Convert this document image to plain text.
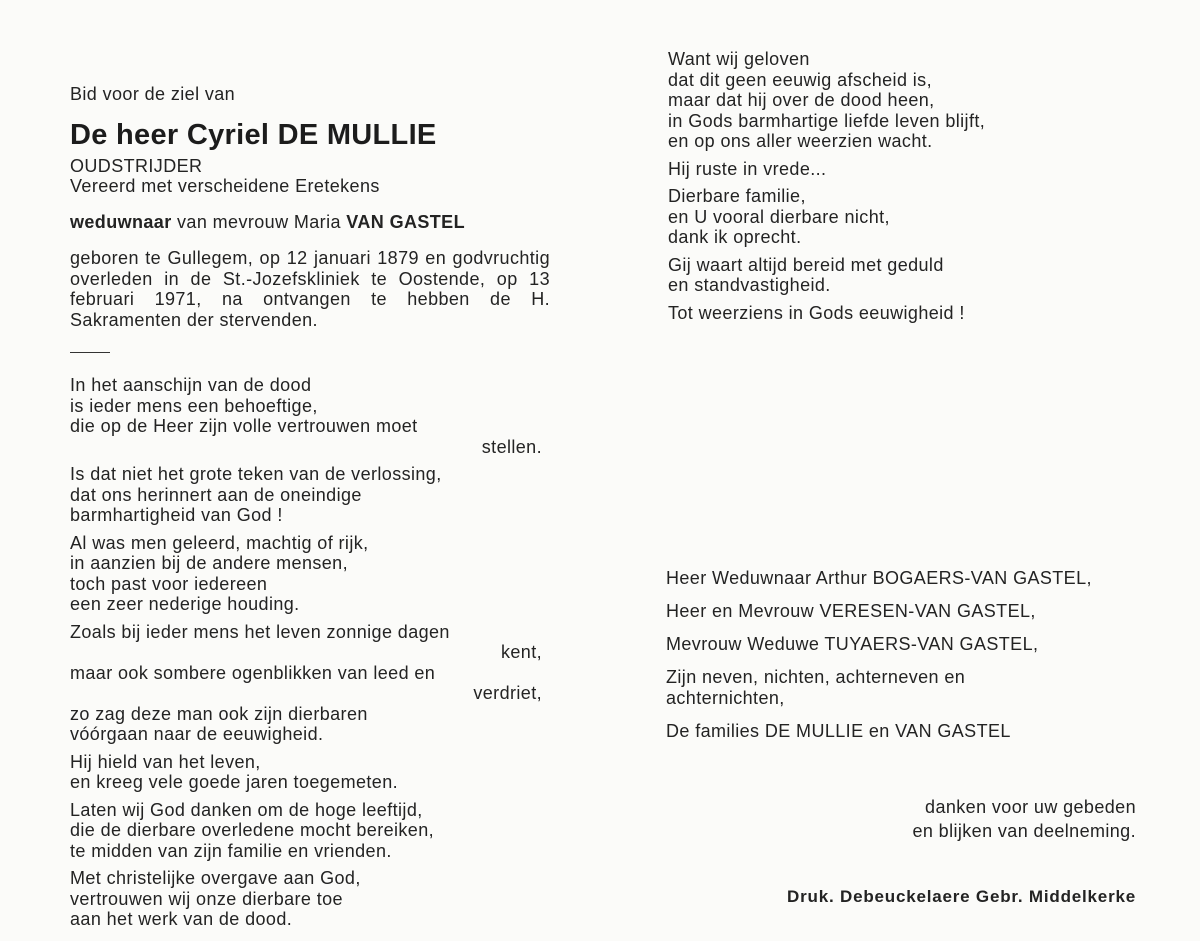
Bid voor de ziel van

De heer Cyriel DE MULLIE

OUDSTRIJDER

Vereerd met verscheidene Eretekens

weduwnaar van mevrouw Maria VAN GASTEL

geboren te Gullegem, op 12 januari 1879 en godvruchtig overleden in de St.-Jozefskliniek te Oostende, op 13 februari 1971, na ontvangen te hebben de H. Sakramenten der stervenden.

In het aanschijn van de dood
is ieder mens een behoeftige,
die op de Heer zijn volle vertrouwen moet
stellen.
Is dat niet het grote teken van de verlossing,
dat ons herinnert aan de oneindige
barmhartigheid van God !
Al was men geleerd, machtig of rijk,
in aanzien bij de andere mensen,
toch past voor iedereen
een zeer nederige houding.
Zoals bij ieder mens het leven zonnige dagen
kent,
maar ook sombere ogenblikken van leed en
verdriet,
zo zag deze man ook zijn dierbaren
vóórgaan naar de eeuwigheid.
Hij hield van het leven,
en kreeg vele goede jaren toegemeten.
Laten wij God danken om de hoge leeftijd,
die de dierbare overledene mocht bereiken,
te midden van zijn familie en vrienden.
Met christelijke overgave aan God,
vertrouwen wij onze dierbare toe
aan het werk van de dood.
Want wij geloven
dat dit geen eeuwig afscheid is,
maar dat hij over de dood heen,
in Gods barmhartige liefde leven blijft,
en op ons aller weerzien wacht.
Hij ruste in vrede...
Dierbare familie,
en U vooral dierbare nicht,
dank ik oprecht.
Gij waart altijd bereid met geduld
en standvastigheid.
Tot weerziens in Gods eeuwigheid !
Heer Weduwnaar Arthur BOGAERS-VAN GASTEL,
Heer en Mevrouw VERESEN-VAN GASTEL,
Mevrouw Weduwe TUYAERS-VAN GASTEL,
Zijn neven, nichten, achterneven en
achternichten,
De families DE MULLIE en VAN GASTEL
danken voor uw gebeden
en blijken van deelneming.
Druk. Debeuckelaere Gebr. Middelkerke
